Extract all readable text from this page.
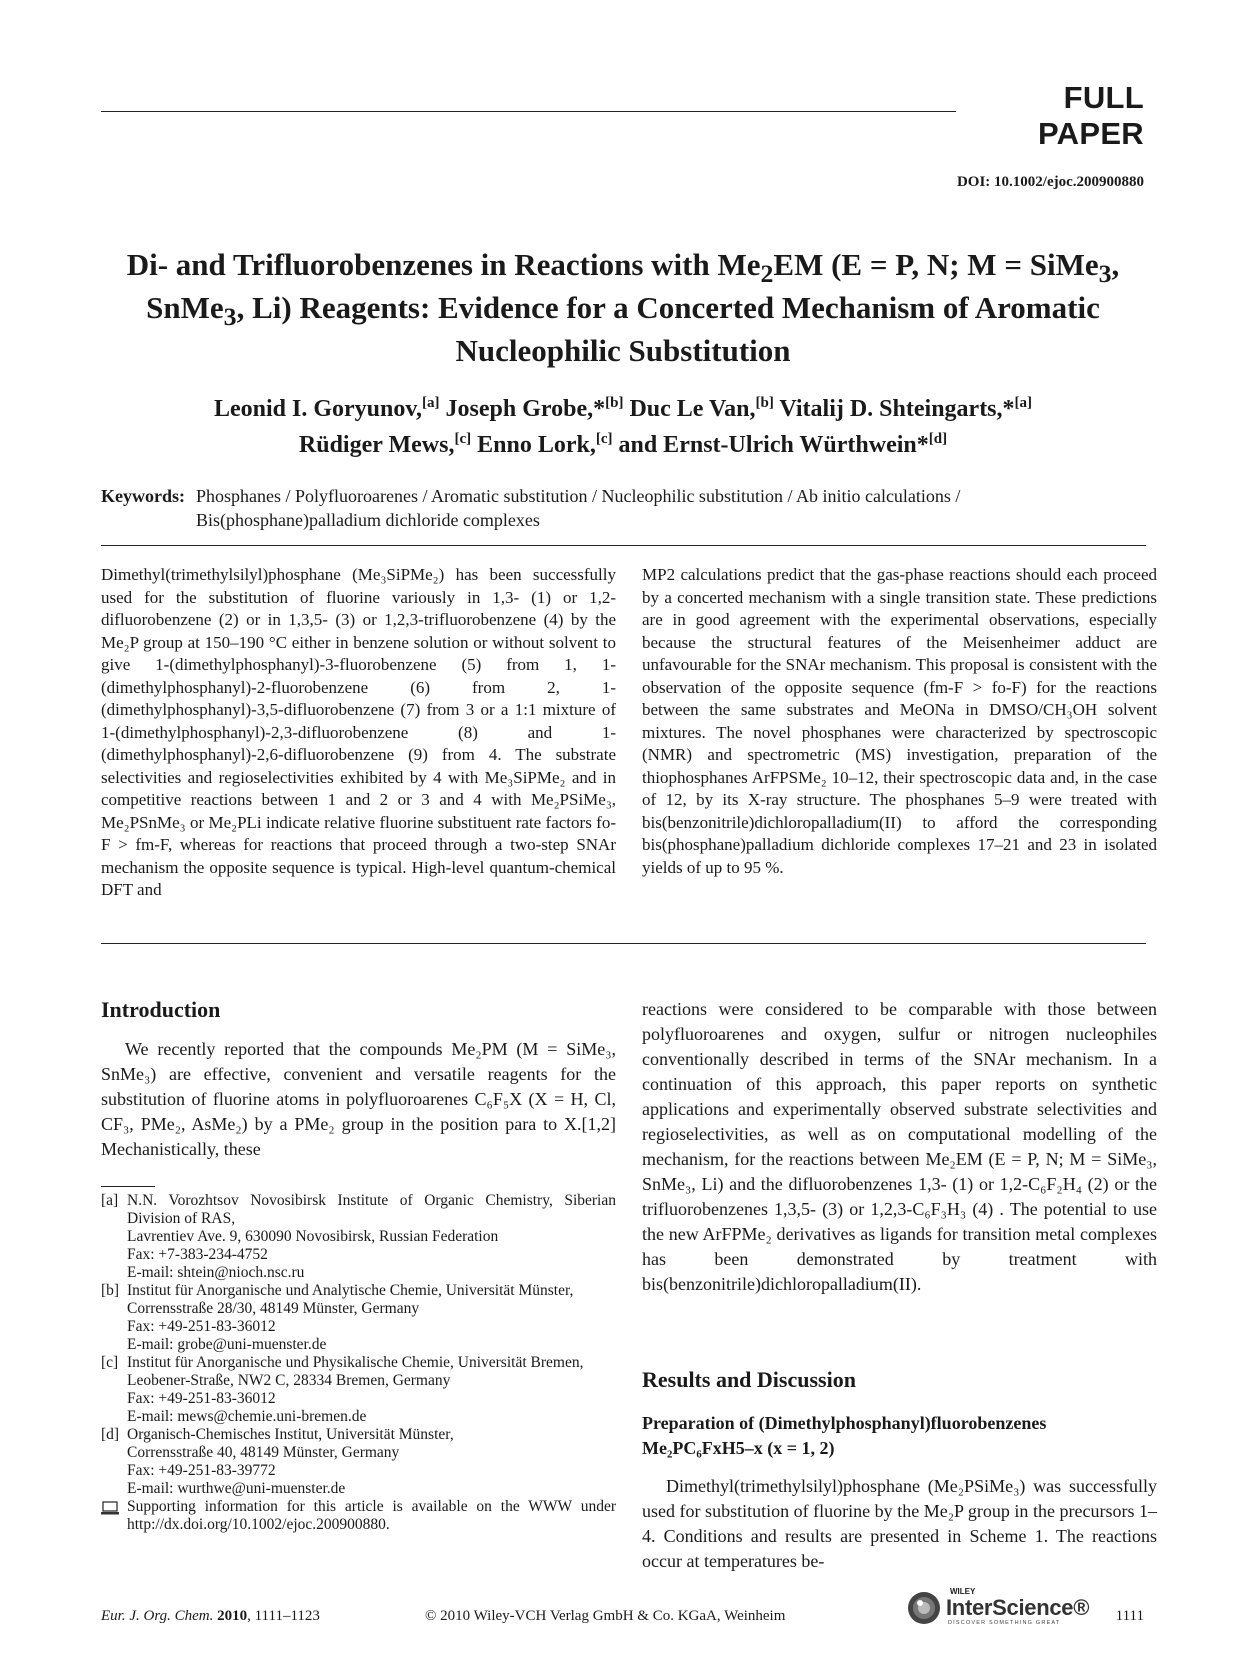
FULL PAPER
DOI: 10.1002/ejoc.200900880
Di- and Trifluorobenzenes in Reactions with $Me_2EM$ (E = P, N; M = SiMe$_3$,
SnMe$_3$, Li) Reagents: Evidence for a Concerted Mechanism of Aromatic
Nucleophilic Substitution
Leonid I. Goryunov,[a] Joseph Grobe,*[b] Duc Le Van,[b] Vitalij D. Shteingarts,*[a]
Rüdiger Mews,[c] Enno Lork,[c] and Ernst-Ulrich Würthwein*[d]
Keywords: Phosphanes / Polyfluoroarenes / Aromatic substitution / Nucleophilic substitution / Ab initio calculations / Bis(phosphane)palladium dichloride complexes
Dimethyl(trimethylsilyl)phosphane (Me₃SiPMe₂) has been successfully used for the substitution of fluorine variously in 1,3- (1) or 1,2-difluorobenzene (2) or in 1,3,5- (3) or 1,2,3-trifluorobenzene (4) by the Me₂P group at 150–190 °C either in benzene solution or without solvent to give 1-(dimethylphosphanyl)-3-fluorobenzene (5) from 1, 1-(dimethylphosphanyl)-2-fluorobenzene (6) from 2, 1-(dimethylphosphanyl)-3,5-difluorobenzene (7) from 3 or a 1:1 mixture of 1-(dimethylphosphanyl)-2,3-difluorobenzene (8) and 1-(dimethylphosphanyl)-2,6-difluorobenzene (9) from 4. The substrate selectivities and regioselectivities exhibited by 4 with Me₃SiPMe₂ and in competitive reactions between 1 and 2 or 3 and 4 with Me₂PSiMe₃, Me₂PSnMe₃ or Me₂PLi indicate relative fluorine substituent rate factors fo-F > fm-F, whereas for reactions that proceed through a two-step SNAr mechanism the opposite sequence is typical. High-level quantum-chemical DFT and
MP2 calculations predict that the gas-phase reactions should each proceed by a concerted mechanism with a single transition state. These predictions are in good agreement with the experimental observations, especially because the structural features of the Meisenheimer adduct are unfavourable for the SNAr mechanism. This proposal is consistent with the observation of the opposite sequence (fm-F > fo-F) for the reactions between the same substrates and MeONa in DMSO/CH₃OH solvent mixtures. The novel phosphanes were characterized by spectroscopic (NMR) and spectrometric (MS) investigation, preparation of the thiophosphanes ArFPSMe₂ 10–12, their spectroscopic data and, in the case of 12, by its X-ray structure. The phosphanes 5–9 were treated with bis(benzonitrile)dichloropalladium(II) to afford the corresponding bis(phosphane)palladium dichloride complexes 17–21 and 23 in isolated yields of up to 95 %.
Introduction
We recently reported that the compounds Me₂PM (M = SiMe₃, SnMe₃) are effective, convenient and versatile reagents for the substitution of fluorine atoms in polyfluoroarenes C₆F₅X (X = H, Cl, CF₃, PMe₂, AsMe₂) by a PMe₂ group in the position para to X.[1,2] Mechanistically, these
[a] N.N. Vorozhtsov Novosibirsk Institute of Organic Chemistry, Siberian Division of RAS,
Lavrentiev Ave. 9, 630090 Novosibirsk, Russian Federation
Fax: +7-383-234-4752
E-mail: shtein@nioch.nsc.ru
[b] Institut für Anorganische und Analytische Chemie, Universität Münster,
Corrensstraße 28/30, 48149 Münster, Germany
Fax: +49-251-83-36012
E-mail: grobe@uni-muenster.de
[c] Institut für Anorganische und Physikalische Chemie, Universität Bremen,
Leobener-Straße, NW2 C, 28334 Bremen, Germany
Fax: +49-251-83-36012
E-mail: mews@chemie.uni-bremen.de
[d] Organisch-Chemisches Institut, Universität Münster,
Corrensstraße 40, 48149 Münster, Germany
Fax: +49-251-83-39772
E-mail: wurthwe@uni-muenster.de
Supporting information for this article is available on the WWW under http://dx.doi.org/10.1002/ejoc.200900880.
reactions were considered to be comparable with those between polyfluoroarenes and oxygen, sulfur or nitrogen nucleophiles conventionally described in terms of the SNAr mechanism. In a continuation of this approach, this paper reports on synthetic applications and experimentally observed substrate selectivities and regioselectivities, as well as on computational modelling of the mechanism, for the reactions between Me₂EM (E = P, N; M = SiMe₃, SnMe₃, Li) and the difluorobenzenes 1,3- (1) or 1,2-C₆F₂H₄ (2) or the trifluorobenzenes 1,3,5- (3) or 1,2,3-C₆F₃H₃ (4) . The potential to use the new ArFPMe₂ derivatives as ligands for transition metal complexes has been demonstrated by treatment with bis(benzonitrile)dichloropalladium(II).
Results and Discussion
Preparation of (Dimethylphosphanyl)fluorobenzenes
Me₂PC₆FxH5–x (x = 1, 2)
Dimethyl(trimethylsilyl)phosphane (Me₂PSiMe₃) was successfully used for substitution of fluorine by the Me₂P group in the precursors 1–4. Conditions and results are presented in Scheme 1. The reactions occur at temperatures be-
Eur. J. Org. Chem. 2010, 1111–1123	© 2010 Wiley-VCH Verlag GmbH & Co. KGaA, Weinheim
WILEY
InterScience®
DISCOVER SOMETHING GREAT	1111
